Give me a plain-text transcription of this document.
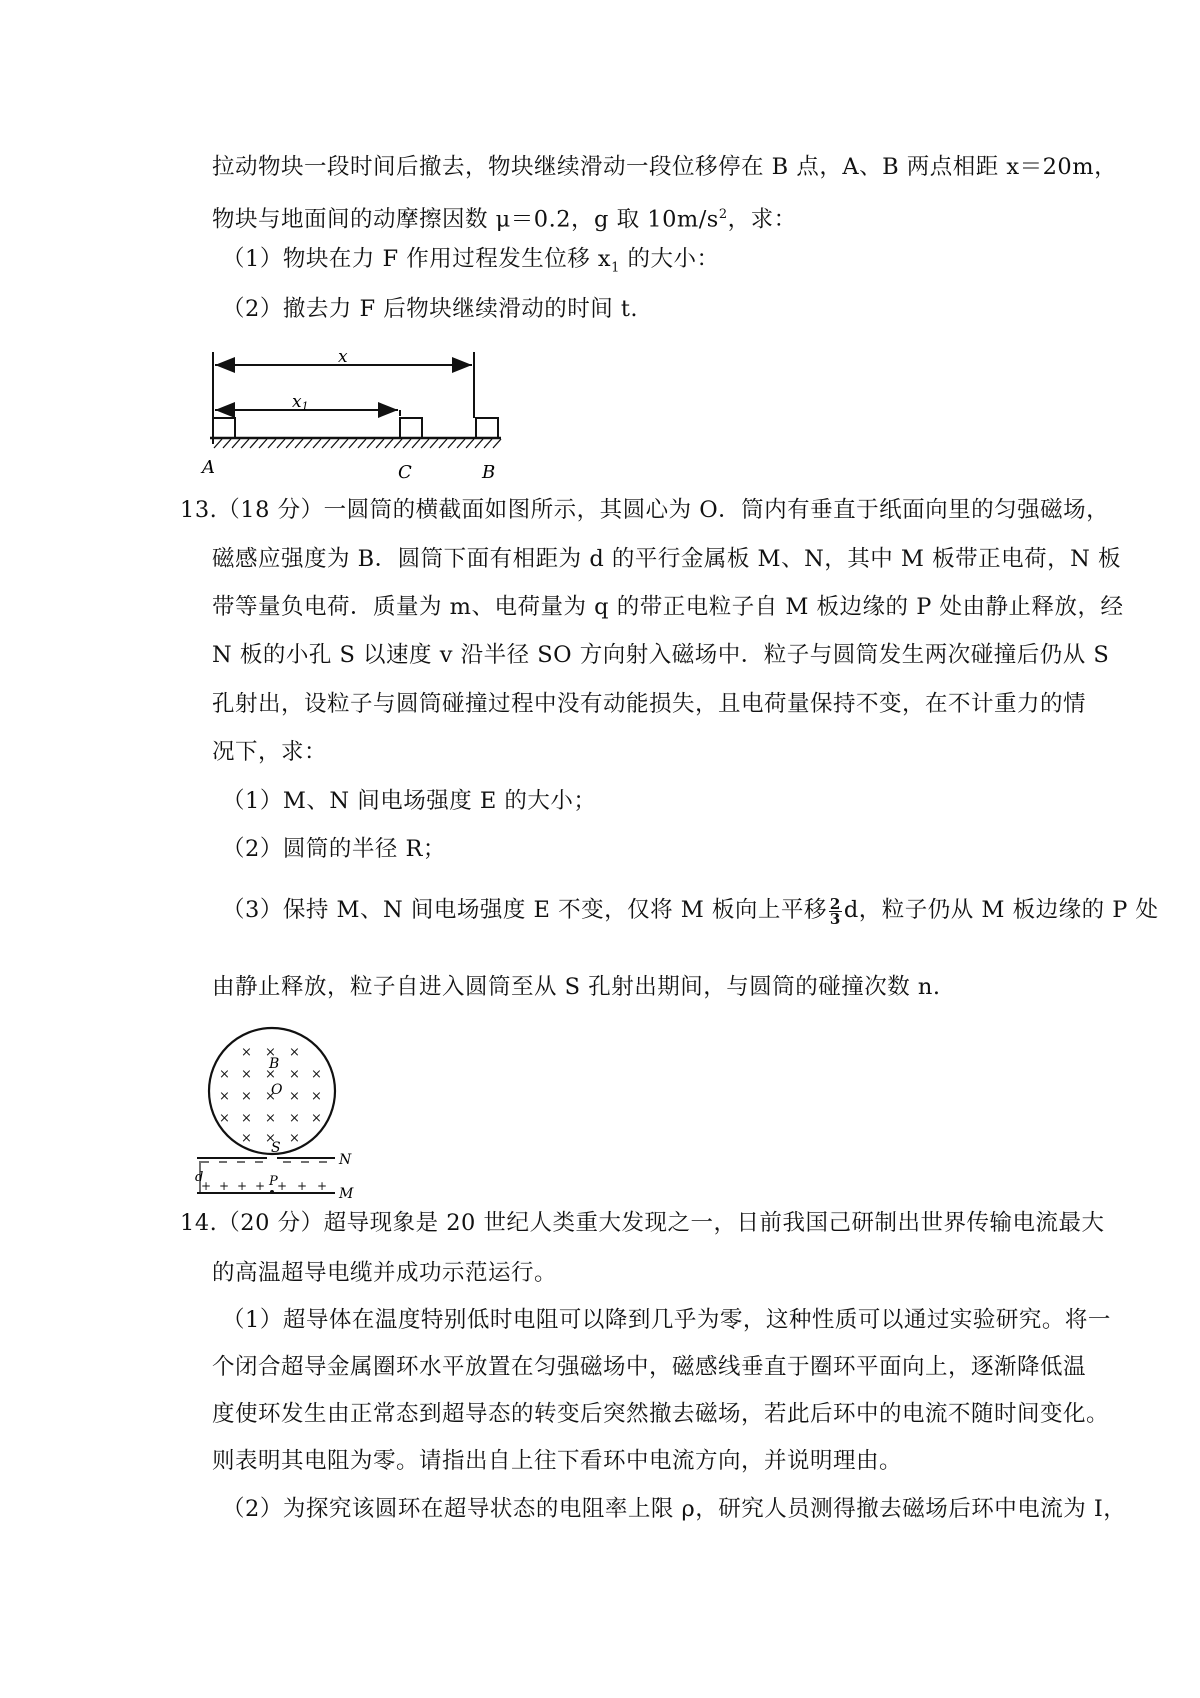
拉动物块一段时间后撤去，物块继续滑动一段位移停在 B 点，A、B 两点相距 x＝20m，
物块与地面间的动摩擦因数 μ＝0.2，g 取 $10m/s^2$，求：
（1）物块在力 F 作用过程发生位移 $x_1$ 的大小：
（2）撤去力 F 后物块继续滑动的时间 t.
x
x1
A	C	B
13.（18 分）一圆筒的横截面如图所示，其圆心为 O．筒内有垂直于纸面向里的匀强磁场，
磁感应强度为 B．圆筒下面有相距为 d 的平行金属板 M、N，其中 M 板带正电荷，N 板
带等量负电荷．质量为 m、电荷量为 q 的带正电粒子自 M 板边缘的 P 处由静止释放，经
N 板的小孔 S 以速度 v 沿半径 SO 方向射入磁场中．粒子与圆筒发生两次碰撞后仍从 S
孔射出，设粒子与圆筒碰撞过程中没有动能损失，且电荷量保持不变，在不计重力的情
况下，求：
（1）M、N 间电场强度 E 的大小；
（2）圆筒的半径 R；
（3）保持 M、N 间电场强度 E 不变，仅将 M 板向上平移 $\frac{2}{3}$ d，粒子仍从 M 板边缘的 P 处
由静止释放，粒子自进入圆筒至从 S 孔射出期间，与圆筒的碰撞次数 n.
× × ×
× × × × ×
× × × × ×
× × × × ×
× × ×
B
O
S
N
+ + + + + + + M
P
d
14.（20 分）超导现象是 20 世纪人类重大发现之一，日前我国己研制出世界传输电流最大
的高温超导电缆并成功示范运行。
（1）超导体在温度特别低时电阻可以降到几乎为零，这种性质可以通过实验研究。将一
个闭合超导金属圈环水平放置在匀强磁场中，磁感线垂直于圈环平面向上，逐渐降低温
度使环发生由正常态到超导态的转变后突然撤去磁场，若此后环中的电流不随时间变化。
则表明其电阻为零。请指出自上往下看环中电流方向，并说明理由。
（2）为探究该圆环在超导状态的电阻率上限 ρ，研究人员测得撤去磁场后环中电流为 I，
